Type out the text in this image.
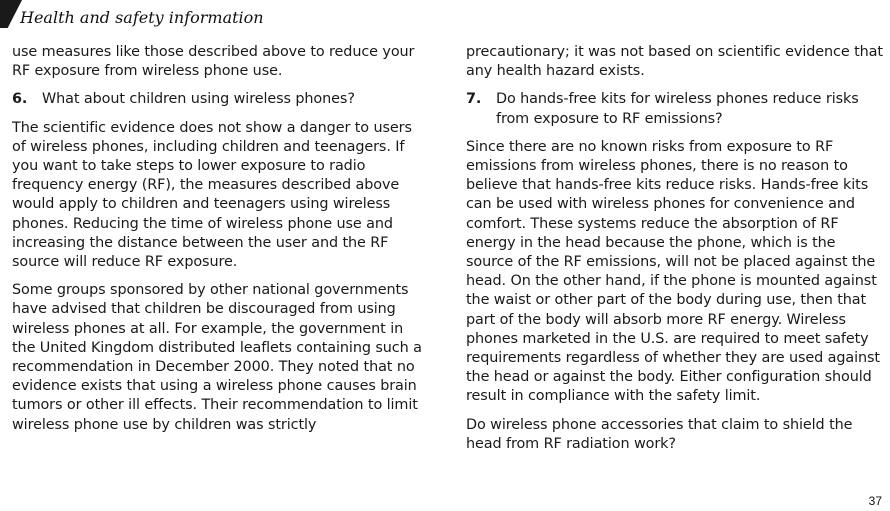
Health and safety information

use measures like those described above to reduce your RF exposure from wireless phone use.

6.	What about children using wireless phones?

The scientific evidence does not show a danger to users of wireless phones, including children and teenagers. If you want to take steps to lower exposure to radio frequency energy (RF), the measures described above would apply to children and teenagers using wireless phones. Reducing the time of wireless phone use and increasing the distance between the user and the RF source will reduce RF exposure.

Some groups sponsored by other national governments have advised that children be discouraged from using wireless phones at all. For example, the government in the United Kingdom distributed leaflets containing such a recommendation in December 2000. They noted that no evidence exists that using a wireless phone causes brain tumors or other ill effects. Their recommendation to limit wireless phone use by children was strictly

precautionary; it was not based on scientific evidence that any health hazard exists.

7.	Do hands-free kits for wireless phones reduce risks from exposure to RF emissions?

Since there are no known risks from exposure to RF emissions from wireless phones, there is no reason to believe that hands-free kits reduce risks. Hands-free kits can be used with wireless phones for convenience and comfort. These systems reduce the absorption of RF energy in the head because the phone, which is the source of the RF emissions, will not be placed against the head. On the other hand, if the phone is mounted against the waist or other part of the body during use, then that part of the body will absorb more RF energy. Wireless phones marketed in the U.S. are required to meet safety requirements regardless of whether they are used against the head or against the body. Either configuration should result in compliance with the safety limit.

Do wireless phone accessories that claim to shield the head from RF radiation work?

37
